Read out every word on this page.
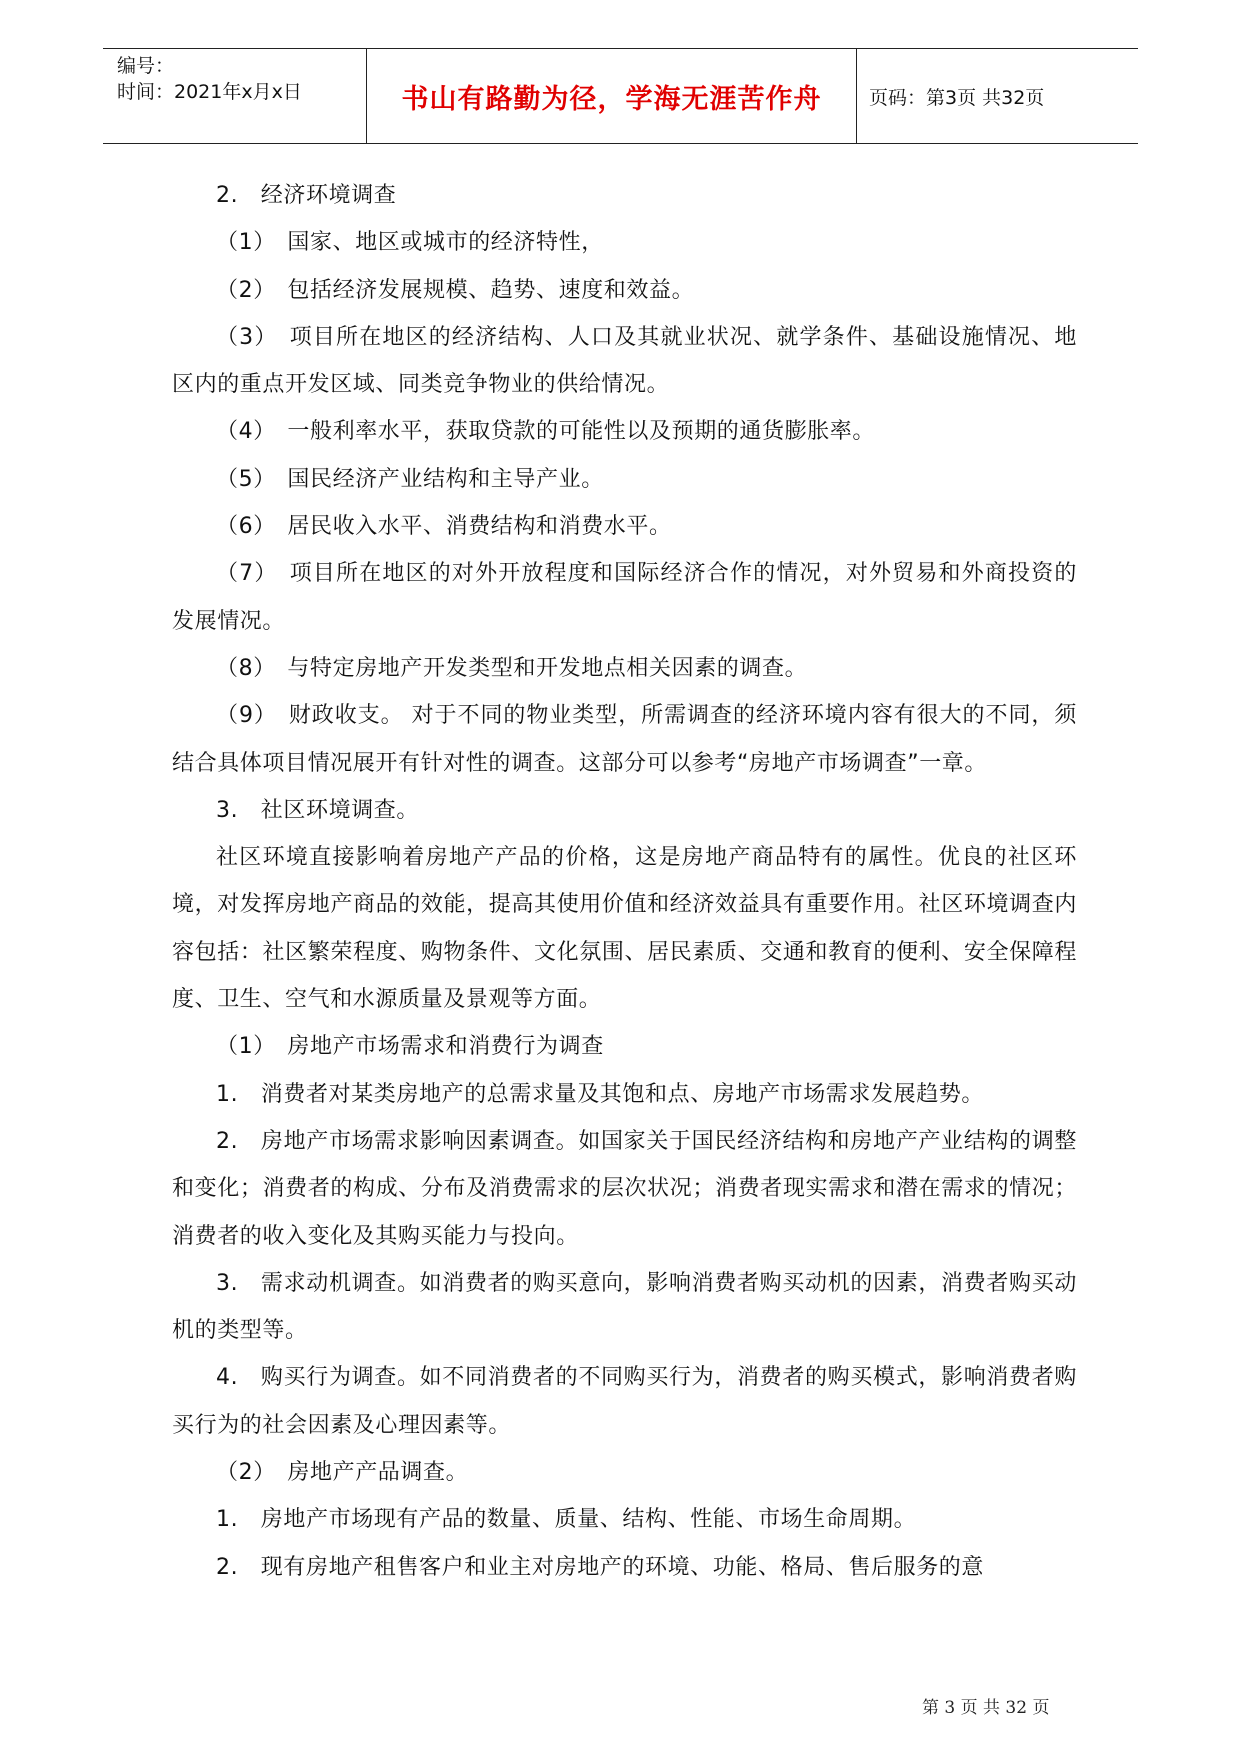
编号：
时间：2021年x月x日	书山有路勤为径，学海无涯苦作舟	页码：第3页 共32页

2.　经济环境调查

（1）　国家、地区或城市的经济特性，

（2）　包括经济发展规模、趋势、速度和效益。

（3）　项目所在地区的经济结构、人口及其就业状况、就学条件、基础设施情况、地区内的重点开发区域、同类竞争物业的供给情况。

（4）　一般利率水平，获取贷款的可能性以及预期的通货膨胀率。

（5）　国民经济产业结构和主导产业。

（6）　居民收入水平、消费结构和消费水平。

（7）　项目所在地区的对外开放程度和国际经济合作的情况，对外贸易和外商投资的发展情况。

（8）　与特定房地产开发类型和开发地点相关因素的调查。

（9）　财政收支。 对于不同的物业类型，所需调查的经济环境内容有很大的不同，须结合具体项目情况展开有针对性的调查。这部分可以参考“房地产市场调查”一章。

3.　社区环境调查。

社区环境直接影响着房地产产品的价格，这是房地产商品特有的属性。优良的社区环境，对发挥房地产商品的效能，提高其使用价值和经济效益具有重要作用。社区环境调查内容包括：社区繁荣程度、购物条件、文化氛围、居民素质、交通和教育的便利、安全保障程度、卫生、空气和水源质量及景观等方面。

（1）　房地产市场需求和消费行为调查

1.　消费者对某类房地产的总需求量及其饱和点、房地产市场需求发展趋势。

2.　房地产市场需求影响因素调查。如国家关于国民经济结构和房地产产业结构的调整和变化；消费者的构成、分布及消费需求的层次状况；消费者现实需求和潜在需求的情况；消费者的收入变化及其购买能力与投向。

3.　需求动机调查。如消费者的购买意向，影响消费者购买动机的因素，消费者购买动机的类型等。

4.　购买行为调查。如不同消费者的不同购买行为，消费者的购买模式，影响消费者购买行为的社会因素及心理因素等。

（2）　房地产产品调查。

1.　房地产市场现有产品的数量、质量、结构、性能、市场生命周期。

2.　现有房地产租售客户和业主对房地产的环境、功能、格局、售后服务的意

第 3 页 共 32 页
